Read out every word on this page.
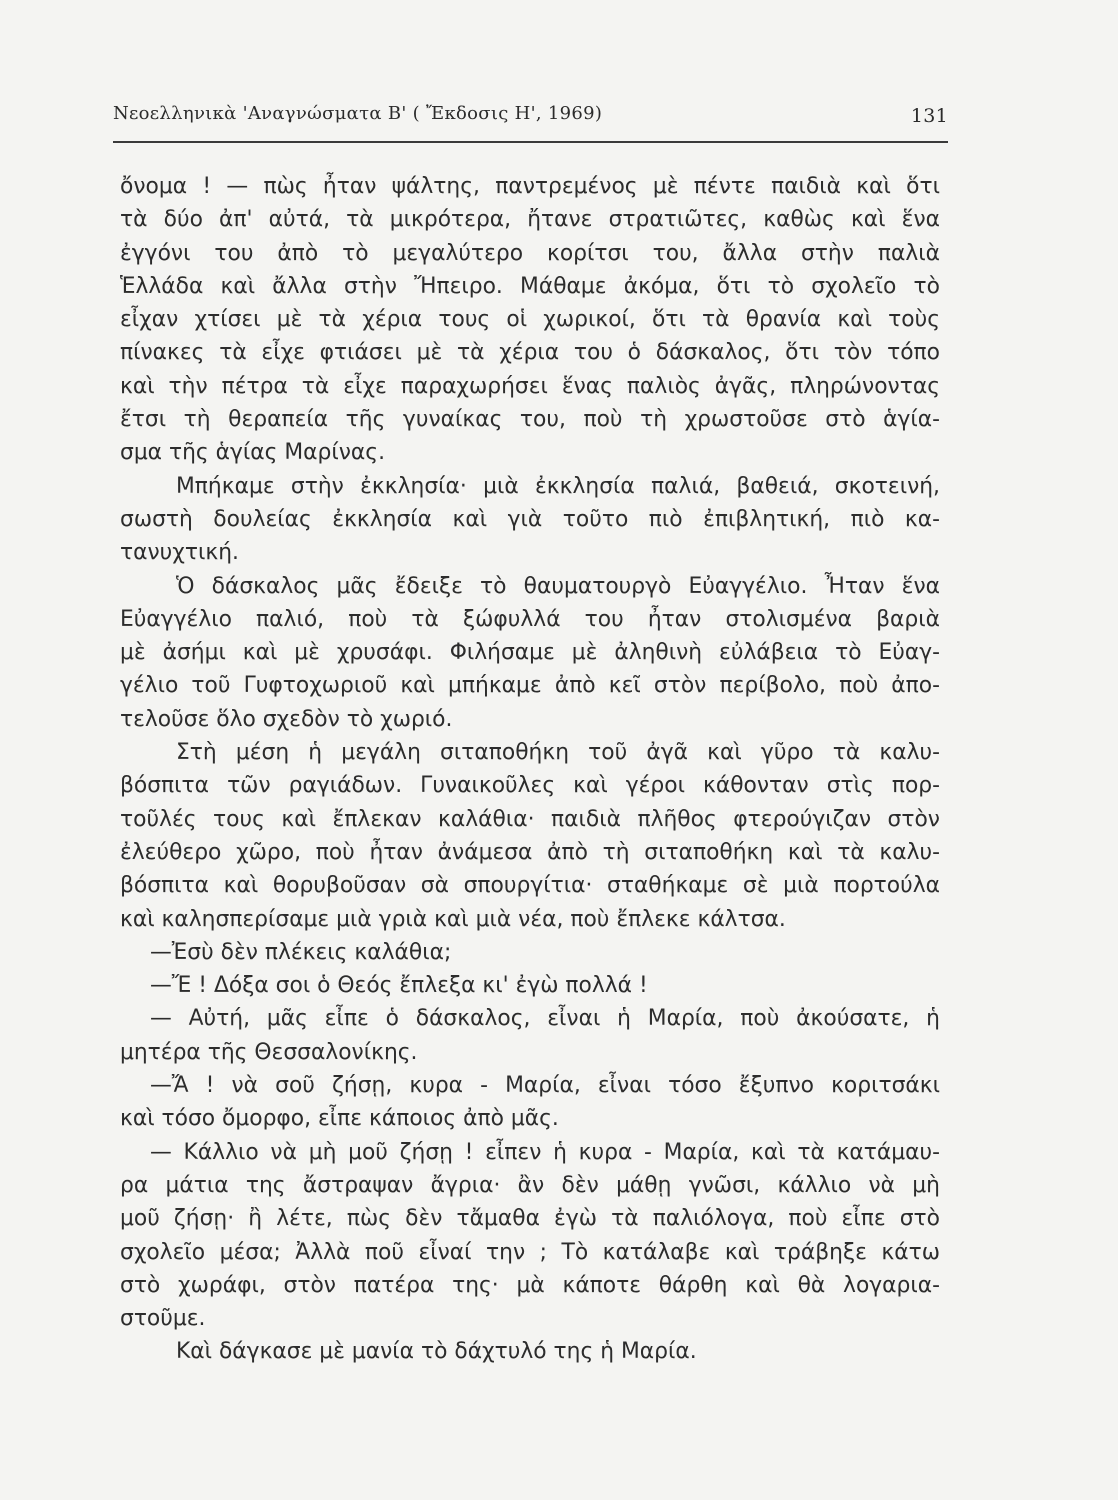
Νεοελληνικὰ 'Αναγνώσματα Β' ( Ἔκδοσις Η', 1969)	131
ὄνομα ! — πὼς ἦταν ψάλτης, παντρεμένος μὲ πέντε παιδιὰ καὶ ὅτι
τὰ δύο ἀπ' αὐτά, τὰ μικρότερα, ἤτανε στρατιῶτες, καθὼς καὶ ἕνα
ἐγγόνι του ἀπὸ τὸ μεγαλύτερο κορίτσι του, ἄλλα στὴν παλιὰ
Ἑλλάδα καὶ ἄλλα στὴν Ἤπειρο. Μάθαμε ἀκόμα, ὅτι τὸ σχολεῖο τὸ
εἶχαν χτίσει μὲ τὰ χέρια τους οἱ χωρικοί, ὅτι τὰ θρανία καὶ τοὺς
πίνακες τὰ εἶχε φτιάσει μὲ τὰ χέρια του ὁ δάσκαλος, ὅτι τὸν τόπο
καὶ τὴν πέτρα τὰ εἶχε παραχωρήσει ἕνας παλιὸς ἀγᾶς, πληρώνοντας
ἔτσι τὴ θεραπεία τῆς γυναίκας του, ποὺ τὴ χρωστοῦσε στὸ ἁγία-
σμα τῆς ἁγίας Μαρίνας.
Μπήκαμε στὴν ἐκκλησία· μιὰ ἐκκλησία παλιά, βαθειά, σκοτεινή,
σωστὴ δουλείας ἐκκλησία καὶ γιὰ τοῦτο πιὸ ἐπιβλητική, πιὸ κα-
τανυχτική.
Ὁ δάσκαλος μᾶς ἔδειξε τὸ θαυματουργὸ Εὐαγγέλιο. Ἦταν ἕνα
Εὐαγγέλιο παλιό, ποὺ τὰ ξώφυλλά του ἦταν στολισμένα βαριὰ
μὲ ἀσήμι καὶ μὲ χρυσάφι. Φιλήσαμε μὲ ἀληθινὴ εὐλάβεια τὸ Εὐαγ-
γέλιο τοῦ Γυφτοχωριοῦ καὶ μπήκαμε ἀπὸ κεῖ στὸν περίβολο, ποὺ ἀπο-
τελοῦσε ὅλο σχεδὸν τὸ χωριό.
Στὴ μέση ἡ μεγάλη σιταποθήκη τοῦ ἀγᾶ καὶ γῦρο τὰ καλυ-
βόσπιτα τῶν ραγιάδων. Γυναικοῦλες καὶ γέροι κάθονταν στὶς πορ-
τοῦλές τους καὶ ἔπλεκαν καλάθια· παιδιὰ πλῆθος φτερούγιζαν στὸν
ἐλεύθερο χῶρο, ποὺ ἦταν ἀνάμεσα ἀπὸ τὴ σιταποθήκη καὶ τὰ καλυ-
βόσπιτα καὶ θορυβοῦσαν σὰ σπουργίτια· σταθήκαμε σὲ μιὰ πορτούλα
καὶ καλησπερίσαμε μιὰ γριὰ καὶ μιὰ νέα, ποὺ ἔπλεκε κάλτσα.
—Ἐσὺ δὲν πλέκεις καλάθια;
—Ἔ ! Δόξα σοι ὁ Θεός ἔπλεξα κι' ἐγὼ πολλά !
— Αὐτή, μᾶς εἶπε ὁ δάσκαλος, εἶναι ἡ Μαρία, ποὺ ἀκούσατε, ἡ
μητέρα τῆς Θεσσαλονίκης.
—Ἄ ! νὰ σοῦ ζήσῃ, κυρα - Μαρία, εἶναι τόσο ἔξυπνο κοριτσάκι
καὶ τόσο ὄμορφο, εἶπε κάποιος ἀπὸ μᾶς.
— Κάλλιο νὰ μὴ μοῦ ζήσῃ ! εἶπεν ἡ κυρα - Μαρία, καὶ τὰ κατάμαυ-
ρα μάτια της ἄστραψαν ἄγρια· ἂν δὲν μάθῃ γνῶσι, κάλλιο νὰ μὴ
μοῦ ζήσῃ· ἢ λέτε, πὼς δὲν τἄμαθα ἐγὼ τὰ παλιόλογα, ποὺ εἶπε στὸ
σχολεῖο μέσα; Ἀλλὰ ποῦ εἶναί την ; Τὸ κατάλαβε καὶ τράβηξε κάτω
στὸ χωράφι, στὸν πατέρα της· μὰ κάποτε θάρθη καὶ θὰ λογαρια-
στοῦμε.
Καὶ δάγκασε μὲ μανία τὸ δάχτυλό της ἡ Μαρία.
